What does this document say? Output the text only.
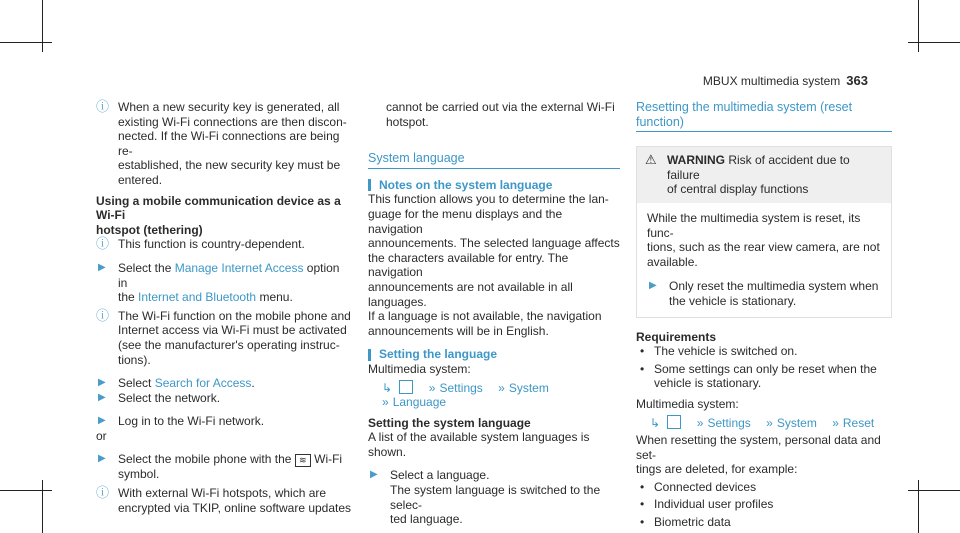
MBUX multimedia system 363
ⓘ When a new security key is generated, all
existing Wi‑Fi connections are then discon-
nected. If the Wi‑Fi connections are being re-
established, the new security key must be
entered.
Using a mobile communication device as a Wi‑Fi
hotspot (tethering)
ⓘ This function is country-dependent.
▶	Select the Manage Internet Access option in
the Internet and Bluetooth menu.
ⓘ The Wi‑Fi function on the mobile phone and
Internet access via Wi‑Fi must be activated
(see the manufacturer's operating instruc-
tions).
▶	Select Search for Access.
▶	Select the network.
▶	Log in to the Wi‑Fi network.
or
▶	Select the mobile phone with the ≋ Wi‑Fi
symbol.
ⓘ With external Wi‑Fi hotspots, which are
encrypted via TKIP, online software updates
cannot be carried out via the external Wi‑Fi
hotspot.
System language
Notes on the system language
This function allows you to determine the lan-
guage for the menu displays and the navigation
announcements. The selected language affects
the characters available for entry. The navigation
announcements are not available in all languages.
If a language is not available, the navigation
announcements will be in English.
Setting the language
Multimedia system:
↳	» Settings » System
» Language
Setting the system language
A list of the available system languages is shown.
▶	Select a language.
The system language is switched to the selec-
ted language.
Resetting the multimedia system (reset function)
⚠ WARNING Risk of accident due to failure
of central display functions
While the multimedia system is reset, its func-
tions, such as the rear view camera, are not
available.
▶	Only reset the multimedia system when
the vehicle is stationary.
Requirements
• The vehicle is switched on.
• Some settings can only be reset when the
vehicle is stationary.
Multimedia system:
↳	» Settings » System » Reset
When resetting the system, personal data and set-
tings are deleted, for example:
• Connected devices
• Individual user profiles
• Biometric data
